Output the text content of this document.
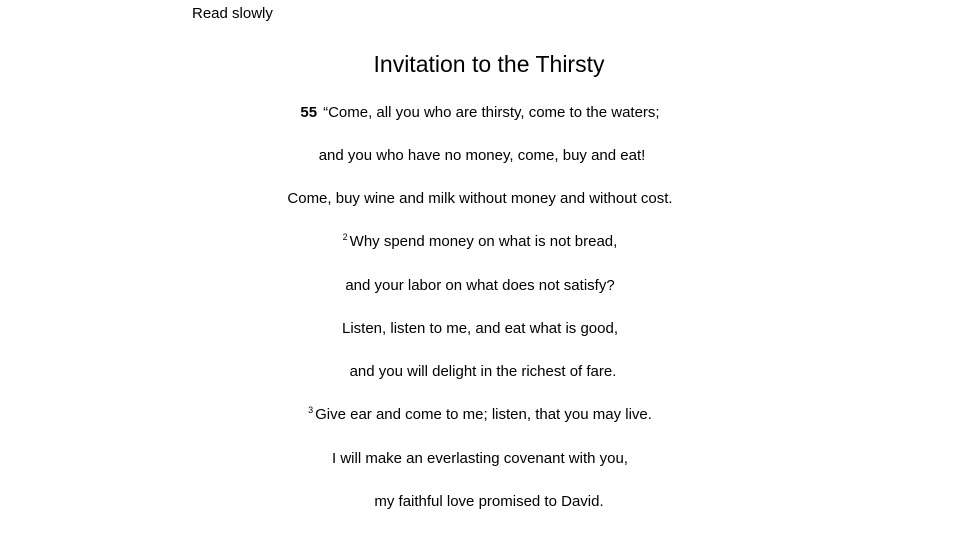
Read slowly
Invitation to the Thirsty
55 “Come, all you who are thirsty, come to the waters;
and you who have no money, come, buy and eat!
Come, buy wine and milk without money and without cost.
$^2$ Why spend money on what is not bread,
and your labor on what does not satisfy?
Listen, listen to me, and eat what is good,
and you will delight in the richest of fare.
$^3$ Give ear and come to me; listen, that you may live.
I will make an everlasting covenant with you,
my faithful love promised to David.
